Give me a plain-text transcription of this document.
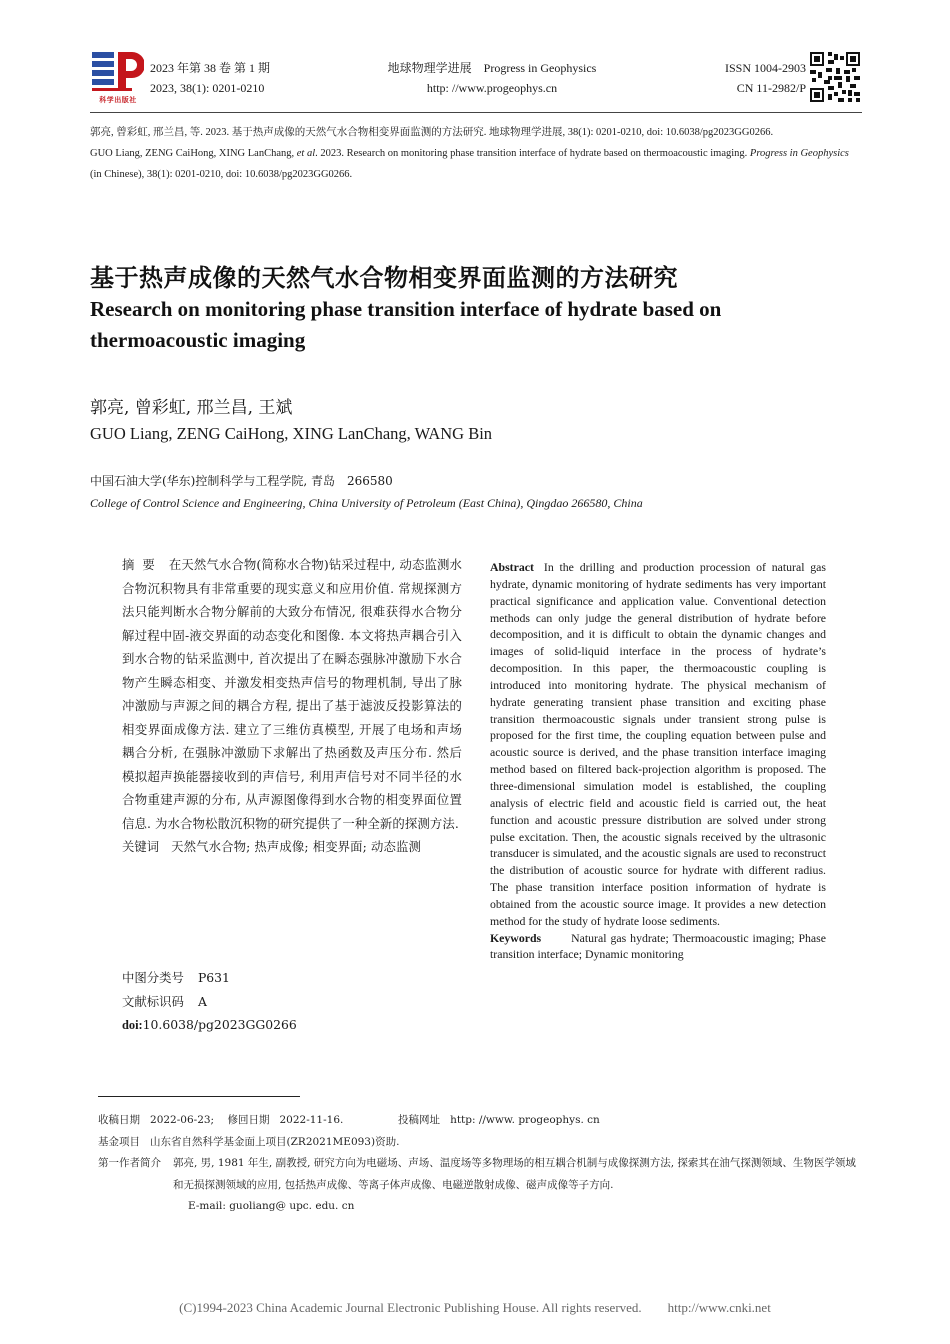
科学出版社
2023 年第 38 卷 第 1 期
2023, 38(1): 0201-0210
地球物理学进展 Progress in Geophysics
http: //www.progeophys.cn
ISSN 1004-2903
CN 11-2982/P

郭亮, 曾彩虹, 邢兰昌, 等. 2023. 基于热声成像的天然气水合物相变界面监测的方法研究. 地球物理学进展, 38(1): 0201-0210, doi: 10.6038/pg2023GG0266.

GUO Liang, ZENG CaiHong, XING LanChang, et al. 2023. Research on monitoring phase transition interface of hydrate based on thermoacoustic imaging. Progress in Geophysics (in Chinese), 38(1): 0201-0210, doi: 10.6038/pg2023GG0266.

基于热声成像的天然气水合物相变界面监测的方法研究
Research on monitoring phase transition interface of hydrate based on thermoacoustic imaging
郭亮, 曾彩虹, 邢兰昌, 王斌
GUO Liang, ZENG CaiHong, XING LanChang, WANG Bin
中国石油大学(华东)控制科学与工程学院, 青岛　266580
College of Control Science and Engineering, China University of Petroleum (East China), Qingdao 266580, China
摘要 在天然气水合物(简称水合物)钻采过程中, 动态监测水合物沉积物具有非常重要的现实意义和应用价值. 常规探测方法只能判断水合物分解前的大致分布情况, 很难获得水合物分解过程中固-液交界面的动态变化和图像. 本文将热声耦合引入到水合物的钻采监测中, 首次提出了在瞬态强脉冲激励下水合物产生瞬态相变、并激发相变热声信号的物理机制, 导出了脉冲激励与声源之间的耦合方程, 提出了基于滤波反投影算法的相变界面成像方法. 建立了三维仿真模型, 开展了电场和声场耦合分析, 在强脉冲激励下求解出了热函数及声压分布. 然后模拟超声换能器接收到的声信号, 利用声信号对不同半径的水合物重建声源的分布, 从声源图像得到水合物的相变界面位置信息. 为水合物松散沉积物的研究提供了一种全新的探测方法.
关键词 天然气水合物; 热声成像; 相变界面; 动态监测
中图分类号 P631
文献标识码 A
doi:10.6038/pg2023GG0266
Abstract In the drilling and production procession of natural gas hydrate, dynamic monitoring of hydrate sediments has very important practical significance and application value. Conventional detection methods can only judge the general distribution of hydrate before decomposition, and it is difficult to obtain the dynamic changes and images of solid-liquid interface in the process of hydrate’s decomposition. In this paper, the thermoacoustic coupling is introduced into monitoring hydrate. The physical mechanism of hydrate generating transient phase transition and exciting phase transition thermoacoustic signals under transient strong pulse is proposed for the first time, the coupling equation between pulse and acoustic source is derived, and the phase transition interface imaging method based on filtered back-projection algorithm is proposed. The three-dimensional simulation model is established, the coupling analysis of electric field and acoustic field is carried out, the heat function and acoustic pressure distribution are solved under strong pulse excitation. Then, the acoustic signals received by the ultrasonic transducer is simulated, and the acoustic signals are used to reconstruct the distribution of acoustic source for hydrate with different radius. The phase transition interface position information of hydrate is obtained from the acoustic source image. It provides a new detection method for the study of hydrate loose sediments.
Keywords	Natural gas hydrate; Thermoacoustic imaging; Phase transition interface; Dynamic monitoring
收稿日期 2022-06-23; 修回日期 2022-11-16.	投稿网址 http: //www. progeophys. cn
基金项目 山东省自然科学基金面上项目(ZR2021ME093)资助.
第一作者简介 郭亮, 男, 1981 年生, 副教授, 研究方向为电磁场、声场、温度场等多物理场的相互耦合机制与成像探测方法, 探索其在油气探测领域、生物医学领域和无损探测领域的应用, 包括热声成像、等离子体声成像、电磁逆散射成像、磁声成像等子方向.
E-mail: guoliang@ upc. edu. cn
(C)1994-2023 China Academic Journal Electronic Publishing House. All rights reserved.　　http://www.cnki.net
